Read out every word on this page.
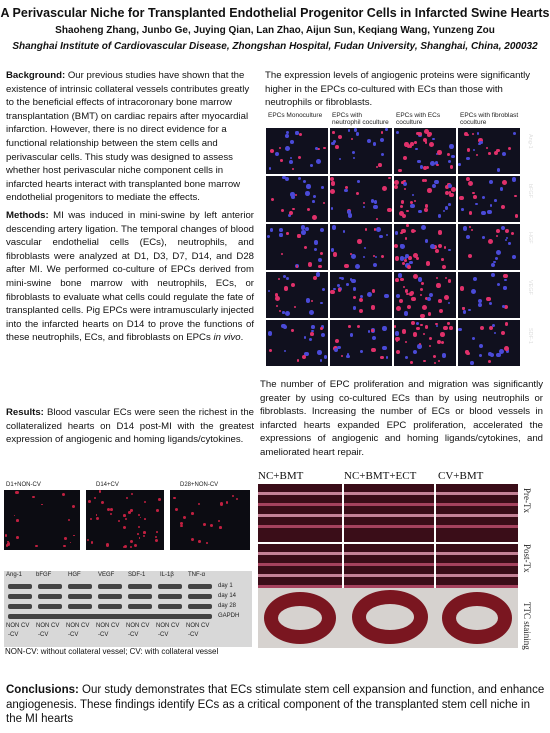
A Perivascular Niche for Transplanted Endothelial Progenitor Cells in Infarcted Swine Hearts
Shaoheng Zhang, Junbo Ge, Juying Qian, Lan Zhao, Aijun Sun, Keqiang Wang, Yunzeng Zou
Shanghai Institute of Cardiovascular Disease, Zhongshan Hospital, Fudan University, Shanghai, China, 200032
Background: Our previous studies have shown that the existence of intrinsic collateral vessels contributes greatly to the beneficial effects of intracoronary bone marrow transplantation (BMT) on cardiac repairs after myocardial infarction. However, there is no direct evidence for a functional relationship between the stem cells and perivascular cells. This study was designed to assess whether host perivascular niche component cells in infarcted hearts interact with transplanted bone marrow endothelial progenitors to mediate the effects.
Methods: MI was induced in mini-swine by left anterior descending artery ligation. The temporal changes of blood vascular endothelial cells (ECs), neutrophils, and fibroblasts were analyzed at D1, D3, D7, D14, and D28 after MI. We performed co-culture of EPCs derived from mini-swine bone marrow with neutrophils, ECs, or fibroblasts to evaluate what cells could regulate the fate of transplanted cells. Pig EPCs were intramuscularly injected into the infarcted hearts on D14 to prove the functions of these neutrophils, ECs, and fibroblasts on EPCs in vivo.
Results: Blood vascular ECs were seen the richest in the collateralized hearts on D14 post-MI with the greatest expression of angiogenic and homing ligands/cytokines.
D1+NON-CV	D14+CV	D28+NON-CV
Ang-1 bFGF	HGF	VEGF SDF-1 IL-1β TNF-α
day 1
day 14
day 28
GAPDH
NON CV NON CV NON CV NON CV NON CV NON CV NON CV
-CV	-CV	-CV	-CV	-CV	-CV	-CV
NON-CV: without collateral vessel; CV: with collateral vessel
The expression levels of angiogenic proteins were significantly higher in the EPCs co-cultured with ECs than those with neutrophils or fibroblasts.
EPCs Monoculture	EPCs with neutrophil coculture
EPCs with ECs coculture
EPCs with fibroblast coculture
Ang-1
bFGF
HGF
VEGF
SDF-1
The number of EPC proliferation and migration was significantly greater by using co-cultured ECs than by using neutrophils or fibroblasts. Increasing the number of ECs or blood vessels in infarcted hearts expanded EPC proliferation, accelerated the expressions of angiogenic and homing ligands/cytokines, and ameliorated heart repair.
NC+BMT	NC+BMT+ECT	CV+BMT
Pre-Tx
Post-Tx
TTC staining
Conclusions: Our study demonstrates that ECs stimulate stem cell expansion and function, and enhance angiogenesis. These findings identify ECs as a critical component of the transplanted stem cell niche in the MI hearts
